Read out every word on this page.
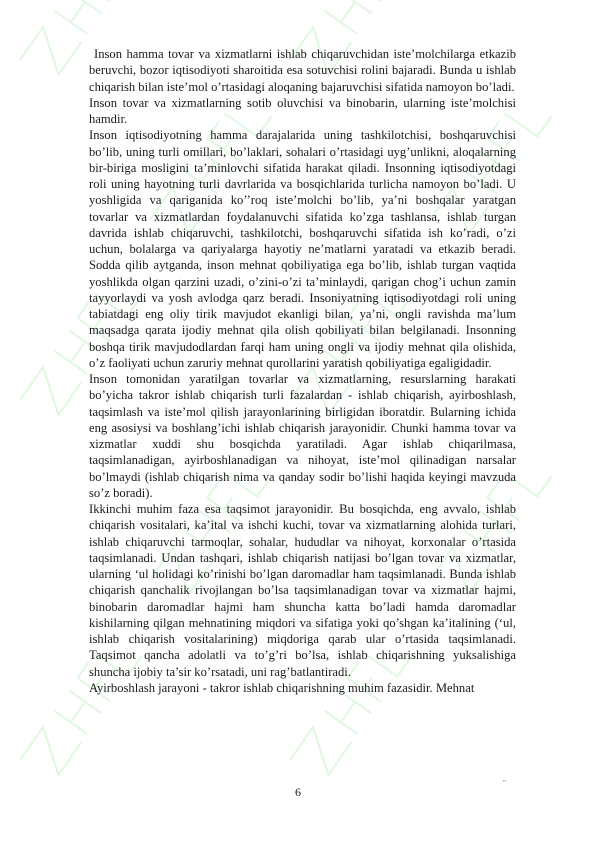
Inson hamma tovar va xizmatlarni ishlab chiqaruvchidan iste’molchilarga etkazib beruvchi, bozor iqtisodiyoti sharoitida esa sotuvchisi rolini bajaradi. Bunda u ishlab chiqarish bilan iste’mol o’rtasidagi aloqaning bajaruvchisi sifatida namoyon bo’ladi.

Inson tovar va xizmatlarning sotib oluvchisi va binobarin, ularning iste’molchisi hamdir.

Inson iqtisodiyotning hamma darajalarida uning tashkilotchisi, boshqaruvchisi bo’lib, uning turli omillari, bo’laklari, sohalari o’rtasidagi uyg’unlikni, aloqalarning bir-biriga mosligini ta’minlovchi sifatida harakat qiladi. Insonning iqtisodiyotdagi roli uning hayotning turli davrlarida va bosqichlarida turlicha namoyon bo’ladi. U yoshligida va qariganida ko’’roq iste’molchi bo’lib, ya’ni boshqalar yaratgan tovarlar va xizmatlardan foydalanuvchi sifatida ko’zga tashlansa, ishlab turgan davrida ishlab chiqaruvchi, tashkilotchi, boshqaruvchi sifatida ish ko’radi, o’zi uchun, bolalarga va qariyalarga hayotiy ne’matlarni yaratadi va etkazib beradi. Sodda qilib aytganda, inson mehnat qobiliyatiga ega bo’lib, ishlab turgan vaqtida yoshlikda olgan qarzini uzadi, o’zini-o’zi ta’minlaydi, qarigan chog’i uchun zamin tayyorlaydi va yosh avlodga qarz beradi. Insoniyatning iqtisodiyotdagi roli uning tabiatdagi eng oliy tirik mavjudot ekanligi bilan, ya’ni, ongli ravishda ma’lum maqsadga qarata ijodiy mehnat qila olish qobiliyati bilan belgilanadi. Insonning boshqa tirik mavjudodlardan farqi ham uning ongli va ijodiy mehnat qila olishida, o’z faoliyati uchun zaruriy mehnat qurollarini yaratish qobiliyatiga egaligidadir.

Inson tomonidan yaratilgan tovarlar va xizmatlarning, resurslarning harakati bo’yicha takror ishlab chiqarish turli fazalardan - ishlab chiqarish, ayirboshlash, taqsimlash va iste’mol qilish jarayonlarining birligidan iboratdir. Bularning ichida eng asosiysi va boshlang’ichi ishlab chiqarish jarayonidir. Chunki hamma tovar va xizmatlar xuddi shu bosqichda yaratiladi. Agar ishlab chiqarilmasa, taqsimlanadigan, ayirboshlanadigan va nihoyat, iste’mol qilinadigan narsalar bo’lmaydi (ishlab chiqarish nima va qanday sodir bo’lishi haqida keyingi mavzuda so’z boradi).

Ikkinchi muhim faza esa taqsimot jarayonidir. Bu bosqichda, eng avvalo, ishlab chiqarish vositalari, ka’ital va ishchi kuchi, tovar va xizmatlarning alohida turlari, ishlab chiqaruvchi tarmoqlar, sohalar, hududlar va nihoyat, korxonalar o’rtasida taqsimlanadi. Undan tashqari, ishlab chiqarish natijasi bo’lgan tovar va xizmatlar, ularning ‘ul holidagi ko’rinishi bo’lgan daromadlar ham taqsimlanadi. Bunda ishlab chiqarish qanchalik rivojlangan bo’lsa taqsimlanadigan tovar va xizmatlar hajmi, binobarin daromadlar hajmi ham shuncha katta bo’ladi hamda daromadlar kishilarning qilgan mehnatining miqdori va sifatiga yoki qo’shgan ka’italining (‘ul, ishlab chiqarish vositalarining) miqdoriga qarab ular o’rtasida taqsimlanadi. Taqsimot qancha adolatli va to’g’ri bo’lsa, ishlab chiqarishning yuksalishiga shuncha ijobiy ta’sir ko’rsatadi, uni rag’batlantiradi.

Ayirboshlash jarayoni - takror ishlab chiqarishning muhim fazasidir. Mehnat

6
"
